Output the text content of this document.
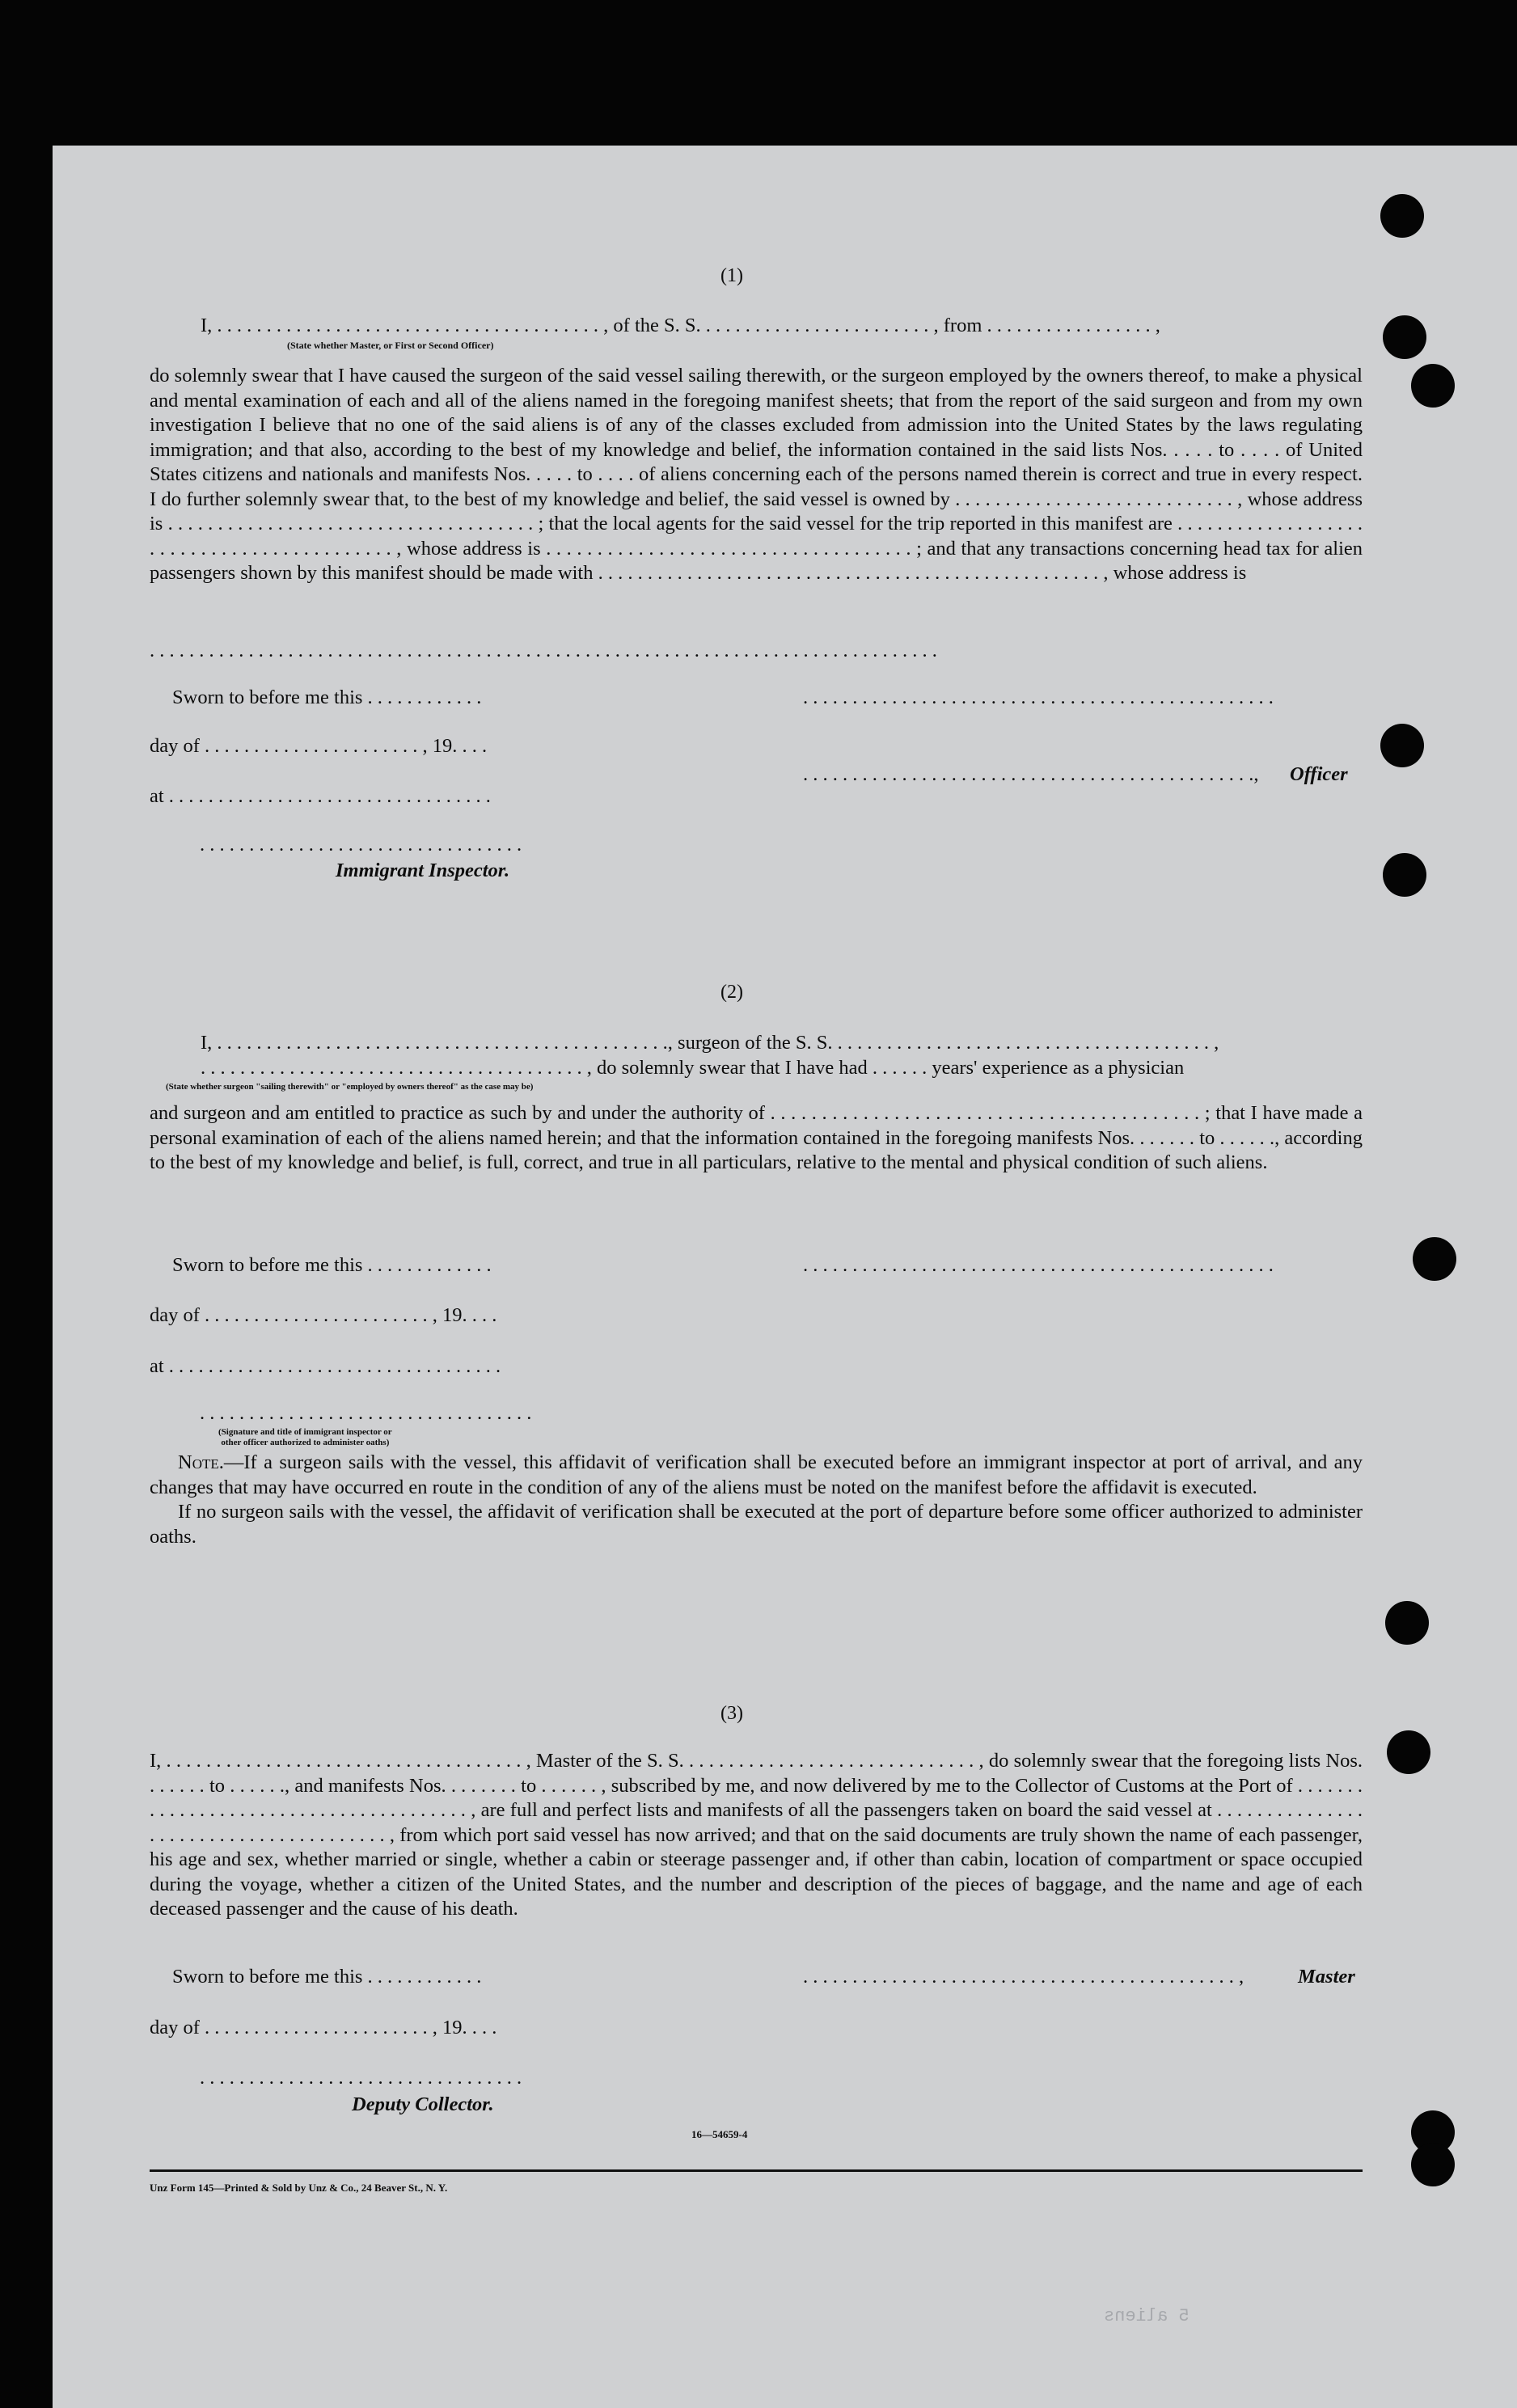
(1)
I, . . . . . . . . . . . . . . . . . . . . . . . . . . . . . . . . . . . . . . . , of the S. S. . . . . . . . . . . . . . . . . . . . . . . . , from . . . . . . . . . . . . . . . . . ,
(State whether Master, or First or Second Officer)

do solemnly swear that I have caused the surgeon of the said vessel sailing therewith, or the surgeon employed by the owners thereof, to make a physical and mental examination of each and all of the aliens named in the foregoing manifest sheets; that from the report of the said surgeon and from my own investigation I believe that no one of the said aliens is of any of the classes excluded from admission into the United States by the laws regulating immigration; and that also, according to the best of my knowledge and belief, the information contained in the said lists Nos. . . . . to . . . . of United States citizens and nationals and manifests Nos. . . . . to . . . . of aliens concerning each of the persons named therein is correct and true in every respect. I do further solemnly swear that, to the best of my knowledge and belief, the said vessel is owned by . . . . . . . . . . . . . . . . . . . . . . . . . . . . , whose address is . . . . . . . . . . . . . . . . . . . . . . . . . . . . . . . . . . . . . ; that the local agents for the said vessel for the trip reported in this manifest are . . . . . . . . . . . . . . . . . . . . . . . . . . . . . . . . . . . . . . . . . . . , whose address is . . . . . . . . . . . . . . . . . . . . . . . . . . . . . . . . . . . . ; and that any transactions concerning head tax for alien passengers shown by this manifest should be made with . . . . . . . . . . . . . . . . . . . . . . . . . . . . . . . . . . . . . . . . . . . . . . . . . . . , whose address is

. . . . . . . . . . . . . . . . . . . . . . . . . . . . . . . . . . . . . . . . . . . . . . . . . . . . . . . . . . . . . . . . . . . . . . . . . . . . . . . .
Sworn to before me this . . . . . . . . . . . .	. . . . . . . . . . . . . . . . . . . . . . . . . . . . . . . . . . . . . . . . . . . . . . . .
day of . . . . . . . . . . . . . . . . . . . . . . , 19. . . .
. . . . . . . . . . . . . . . . . . . . . . . . . . . . . . . . . . . . . . . . . . . . . .,	Officer
at . . . . . . . . . . . . . . . . . . . . . . . . . . . . . . . . .
. . . . . . . . . . . . . . . . . . . . . . . . . . . . . . . . .
Immigrant Inspector.
(2)
I, . . . . . . . . . . . . . . . . . . . . . . . . . . . . . . . . . . . . . . . . . . . . . ., surgeon of the S. S. . . . . . . . . . . . . . . . . . . . . . . . . . . . . . . . . . . . . . . ,
. . . . . . . . . . . . . . . . . . . . . . . . . . . . . . . . . . . . . . . , do solemnly swear that I have had . . . . . . years' experience as a physician
(State whether surgeon "sailing therewith" or "employed by owners thereof" as the case may be)

and surgeon and am entitled to practice as such by and under the authority of . . . . . . . . . . . . . . . . . . . . . . . . . . . . . . . . . . . . . . . . . . ; that I have made a personal examination of each of the aliens named herein; and that the information contained in the foregoing manifests Nos. . . . . . . to . . . . . ., according to the best of my knowledge and belief, is full, correct, and true in all particulars, relative to the mental and physical condition of such aliens.

Sworn to before me this . . . . . . . . . . . . .	. . . . . . . . . . . . . . . . . . . . . . . . . . . . . . . . . . . . . . . . . . . . . . . .
day of . . . . . . . . . . . . . . . . . . . . . . . , 19. . . .
at . . . . . . . . . . . . . . . . . . . . . . . . . . . . . . . . . .
. . . . . . . . . . . . . . . . . . . . . . . . . . . . . . . . . .
(Signature and title of immigrant inspector or
other officer authorized to administer oaths)

Note.—If a surgeon sails with the vessel, this affidavit of verification shall be executed before an immigrant inspector at port of arrival, and any changes that may have occurred en route in the condition of any of the aliens must be noted on the manifest before the affidavit is executed.

If no surgeon sails with the vessel, the affidavit of verification shall be executed at the port of departure before some officer authorized to administer oaths.

(3)

I, . . . . . . . . . . . . . . . . . . . . . . . . . . . . . . . . . . . . , Master of the S. S. . . . . . . . . . . . . . . . . . . . . . . . . . . . . . , do solemnly swear that the foregoing lists Nos. . . . . . . to . . . . . ., and manifests Nos. . . . . . . . to . . . . . . , subscribed by me, and now delivered by me to the Collector of Customs at the Port of . . . . . . . . . . . . . . . . . . . . . . . . . . . . . . . . . . . . . . . , are full and perfect lists and manifests of all the passengers taken on board the said vessel at . . . . . . . . . . . . . . . . . . . . . . . . . . . . . . . . . . . . . . . , from which port said vessel has now arrived; and that on the said documents are truly shown the name of each passenger, his age and sex, whether married or single, whether a cabin or steerage passenger and, if other than cabin, location of compartment or space occupied during the voyage, whether a citizen of the United States, and the number and description of the pieces of baggage, and the name and age of each deceased passenger and the cause of his death.

Sworn to before me this . . . . . . . . . . . .	. . . . . . . . . . . . . . . . . . . . . . . . . . . . . . . . . . . . . . . . . . . . ,	Master
day of . . . . . . . . . . . . . . . . . . . . . . . , 19. . . .
. . . . . . . . . . . . . . . . . . . . . . . . . . . . . . . . .
Deputy Collector.
16—54659-4
Unz Form 145—Printed & Sold by Unz & Co., 24 Beaver St., N. Y.
5 aliens
